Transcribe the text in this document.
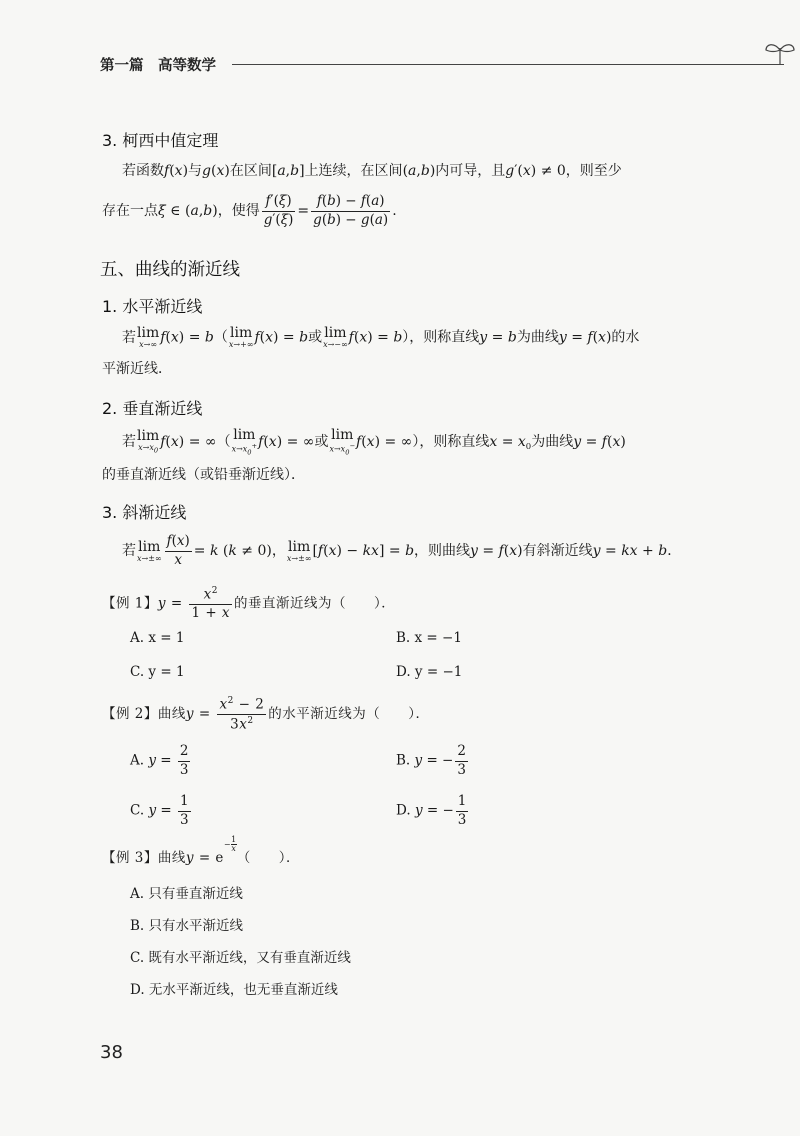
第一篇　高等数学
3. 柯西中值定理
若函数f(x)与g(x)在区间[a,b]上连续，在区间(a,b)内可导，且g′(x) ≠ 0，则至少
存在一点ξ ∈ (a,b)，使得 $\frac{f'(\xi)}{g'(\xi)} = \frac{f(b) - f(a)}{g(b) - g(a)}$ .
五、曲线的渐近线
1. 水平渐近线
若 lim
x→∞ f(x) = b（ lim
x→+∞ f(x) = b或 lim
x→−∞ f(x) = b），则称直线y = b为曲线y = f(x)的水
平渐近线．
2. 垂直渐近线
若 lim
$x\to x_0$
f(x) = ∞（ lim
$x\to x_0^+$ f(x) = ∞或 lim
$x\to x_0^-$ f(x) = ∞），则称直线$x = x_0$为曲线y = f(x)
的垂直渐近线（或铅垂渐近线）．
3. 斜渐近线
若 lim
$x\to\pm\infty \frac{f(x)}{x} = k$ (k ≠ 0)， lim
x→±∞ [f(x) − kx] = b，则曲线y = f(x)有斜渐近线y = kx + b．
【例 1】$y = \frac{x^2}{1 + x}$ 的垂直渐近线为（　　）．
A. x = 1	B. x = −1
C. y = 1	D. y = −1
【例 2】曲线$y = \frac{x^2 - 2}{3x^2}$ 的水平渐近线为（　　）．
A. $y = \frac{2}{3}$	B. y = − $\frac{2}{3}$
C. $y = \frac{1}{3}$	D. y = − $\frac{1}{3}$
【例 3】曲线$y = e- \frac{1}{x}$
（　　）．
A. 只有垂直渐近线
B. 只有水平渐近线
C. 既有水平渐近线，又有垂直渐近线
D. 无水平渐近线，也无垂直渐近线
38
